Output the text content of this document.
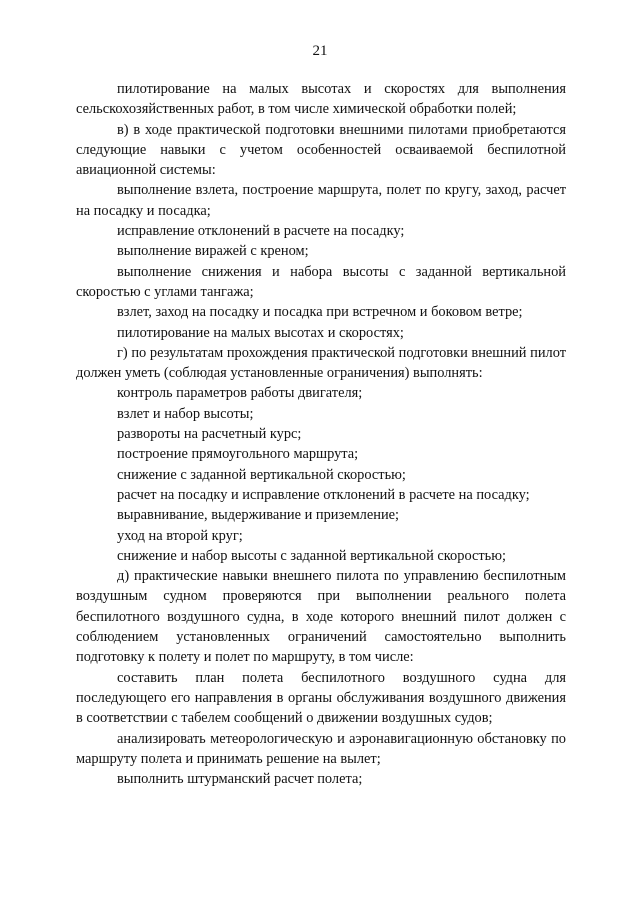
21

пилотирование на малых высотах и скоростях для выполнения сельскохозяйственных работ, в том числе химической обработки полей;

в) в ходе практической подготовки внешними пилотами приобретаются следующие навыки с учетом особенностей осваиваемой беспилотной авиационной системы:

выполнение взлета, построение маршрута, полет по кругу, заход, расчет на посадку и посадка;

исправление отклонений в расчете на посадку;

выполнение виражей с креном;

выполнение снижения и набора высоты с заданной вертикальной скоростью с углами тангажа;

взлет, заход на посадку и посадка при встречном и боковом ветре;

пилотирование на малых высотах и скоростях;

г) по результатам прохождения практической подготовки внешний пилот должен уметь (соблюдая установленные ограничения) выполнять:

контроль параметров работы двигателя;

взлет и набор высоты;

развороты на расчетный курс;

построение прямоугольного маршрута;

снижение с заданной вертикальной скоростью;

расчет на посадку и исправление отклонений в расчете на посадку;

выравнивание, выдерживание и приземление;

уход на второй круг;

снижение и набор высоты с заданной вертикальной скоростью;

д) практические навыки внешнего пилота по управлению беспилотным воздушным судном проверяются при выполнении реального полета беспилотного воздушного судна, в ходе которого внешний пилот должен с соблюдением установленных ограничений самостоятельно выполнить подготовку к полету и полет по маршруту, в том числе:

составить план полета беспилотного воздушного судна для последующего его направления в органы обслуживания воздушного движения в соответствии с табелем сообщений о движении воздушных судов;

анализировать метеорологическую и аэронавигационную обстановку по маршруту полета и принимать решение на вылет;

выполнить штурманский расчет полета;
